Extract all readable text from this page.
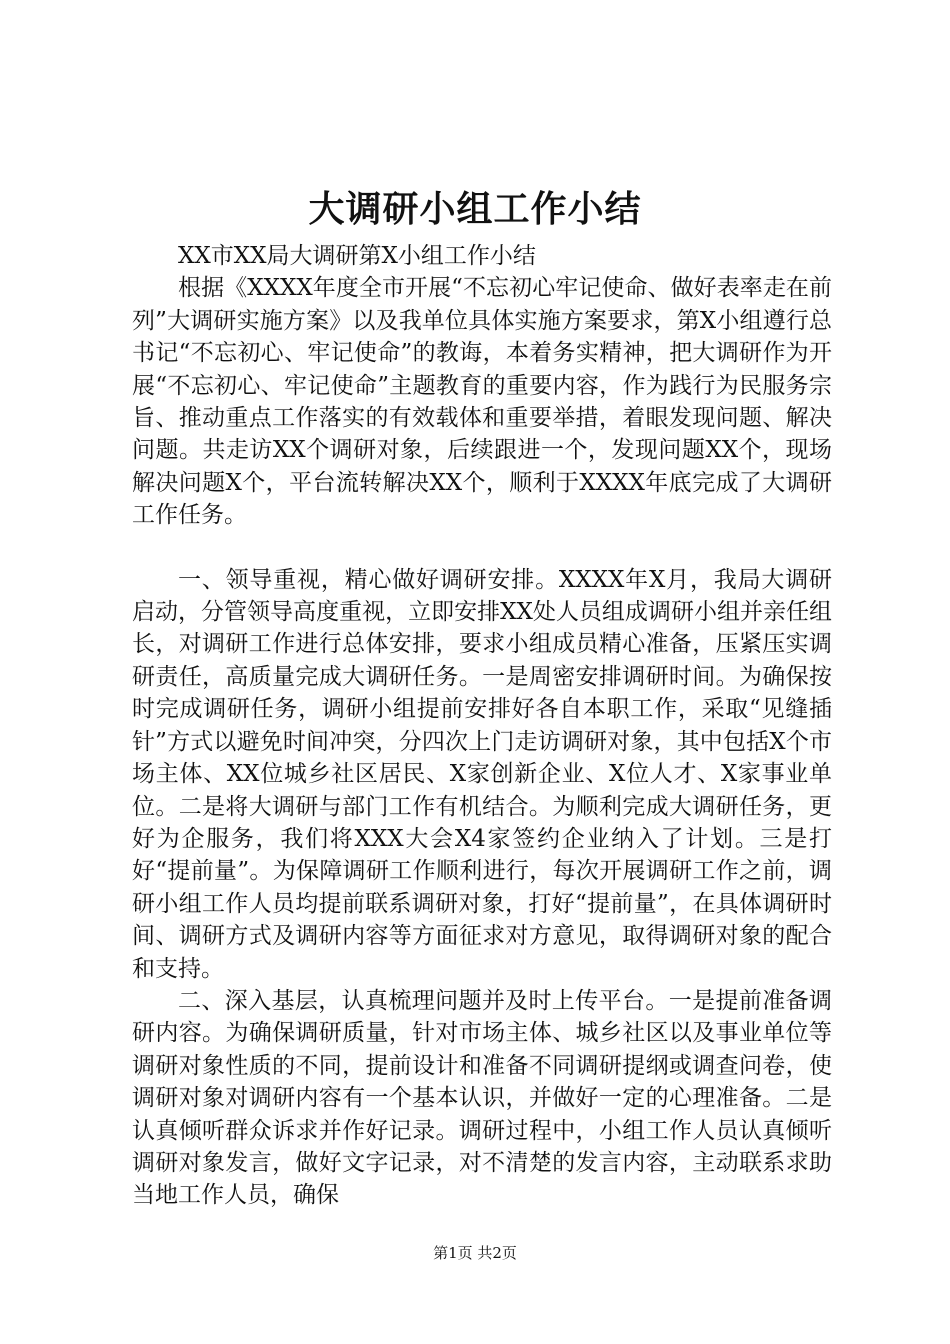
大调研小组工作小结

XX市XX局大调研第X小组工作小结

根据《XXXX年度全市开展“不忘初心牢记使命、做好表率走在前列”大调研实施方案》以及我单位具体实施方案要求，第X小组遵行总书记“不忘初心、牢记使命”的教诲，本着务实精神，把大调研作为开展“不忘初心、牢记使命”主题教育的重要内容，作为践行为民服务宗旨、推动重点工作落实的有效载体和重要举措，着眼发现问题、解决问题。共走访XX个调研对象，后续跟进一个，发现问题XX个，现场解决问题X个，平台流转解决XX个，顺利于XXXX年底完成了大调研工作任务。

一、领导重视，精心做好调研安排。XXXX年X月，我局大调研启动，分管领导高度重视，立即安排XX处人员组成调研小组并亲任组长，对调研工作进行总体安排，要求小组成员精心准备，压紧压实调研责任，高质量完成大调研任务。一是周密安排调研时间。为确保按时完成调研任务，调研小组提前安排好各自本职工作，采取“见缝插针”方式以避免时间冲突，分四次上门走访调研对象，其中包括X个市场主体、XX位城乡社区居民、X家创新企业、X位人才、X家事业单位。二是将大调研与部门工作有机结合。为顺利完成大调研任务，更好为企服务，我们将XXX大会X4家签约企业纳入了计划。三是打好“提前量”。为保障调研工作顺利进行，每次开展调研工作之前，调研小组工作人员均提前联系调研对象，打好“提前量”，在具体调研时间、调研方式及调研内容等方面征求对方意见，取得调研对象的配合和支持。

二、深入基层，认真梳理问题并及时上传平台。一是提前准备调研内容。为确保调研质量，针对市场主体、城乡社区以及事业单位等调研对象性质的不同，提前设计和准备不同调研提纲或调查问卷，使调研对象对调研内容有一个基本认识，并做好一定的心理准备。二是认真倾听群众诉求并作好记录。调研过程中，小组工作人员认真倾听调研对象发言，做好文字记录，对不清楚的发言内容，主动联系求助当地工作人员，确保

第1页 共2页
